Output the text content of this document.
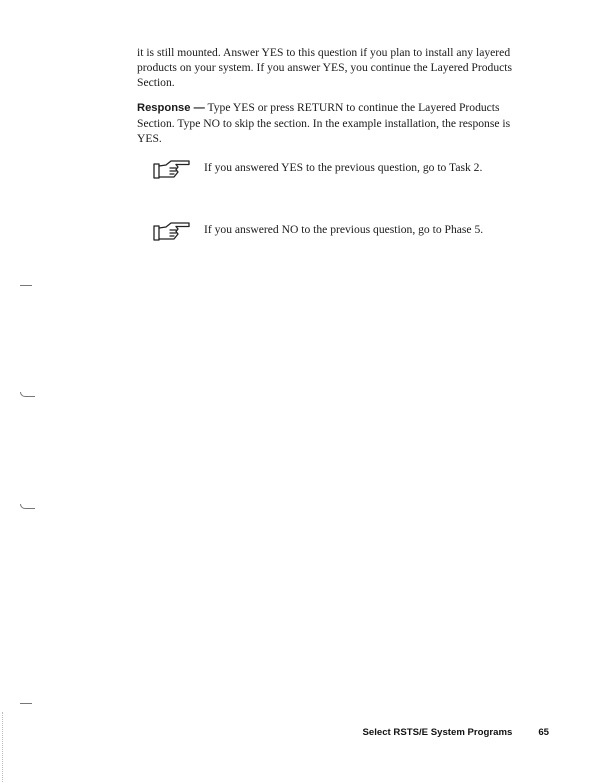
it is still mounted. Answer YES to this question if you plan to install any layered products on your system. If you answer YES, you continue the Layered Products Section.

Response — Type YES or press RETURN to continue the Layered Products Section. Type NO to skip the section. In the example installation, the response is YES.

If you answered YES to the previous question, go to Task 2.
If you answered NO to the previous question, go to Phase 5.
Select RSTS/E System Programs	65
